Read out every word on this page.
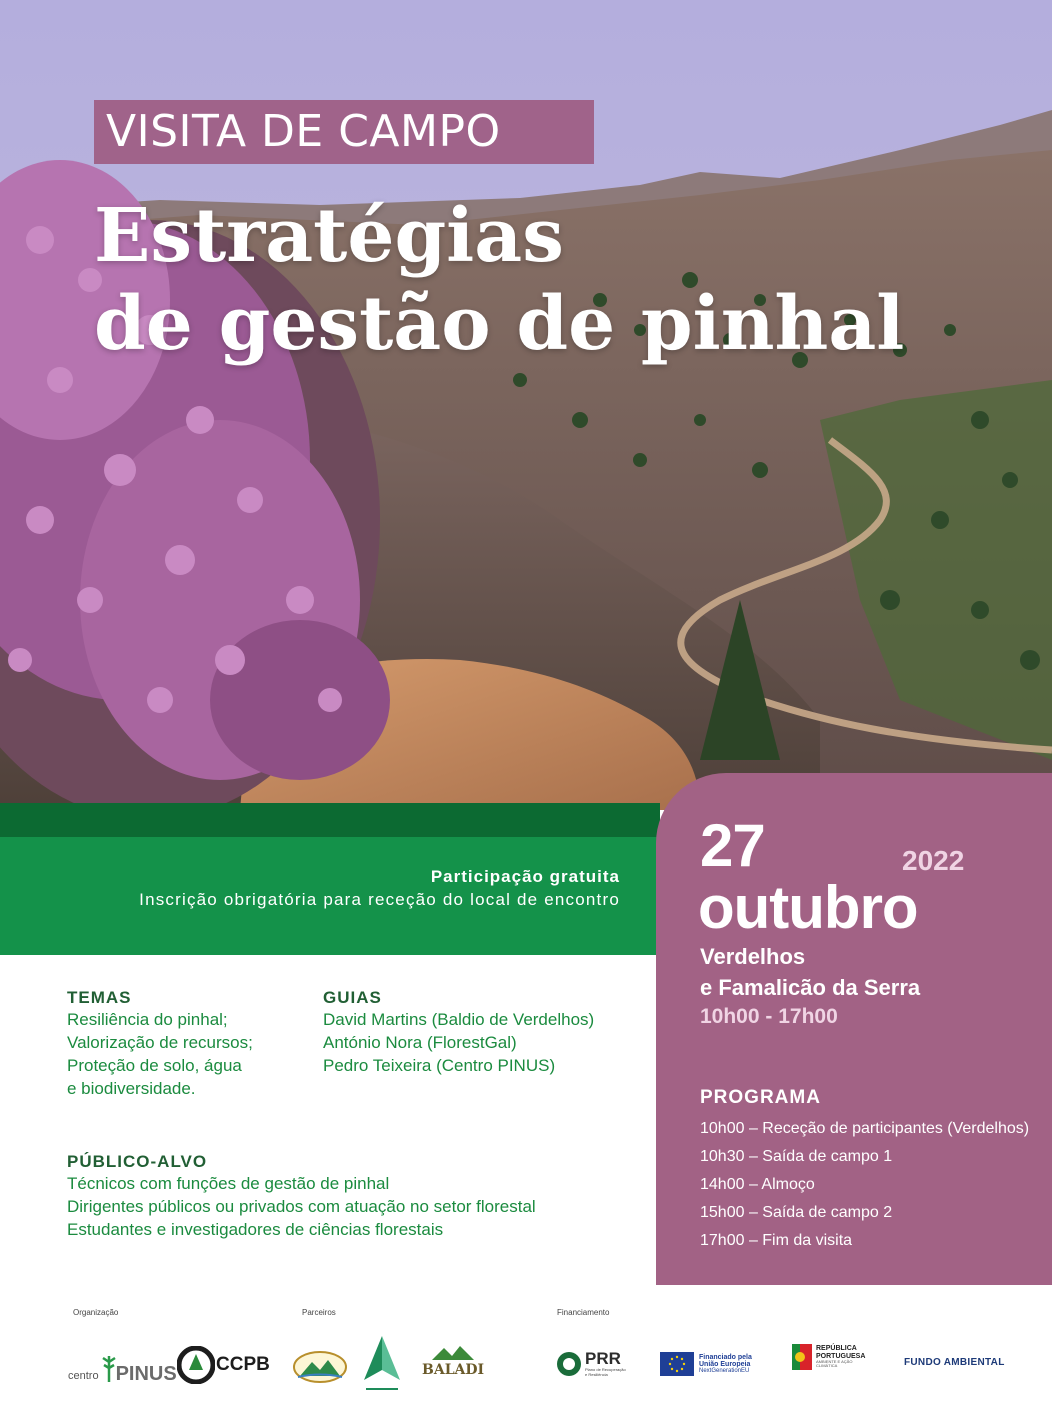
VISITA DE CAMPO
Estratégias
de gestão de pinhal
Participação gratuita
Inscrição obrigatória para receção do local de encontro
27	2022
outubro
Verdelhos
e Famalicão da Serra
10h00 - 17h00
PROGRAMA
10h00 – Receção de participantes (Verdelhos)
10h30 – Saída de campo 1
14h00 – Almoço
15h00 – Saída de campo 2
17h00 – Fim da visita
TEMAS
Resiliência do pinhal;
Valorização de recursos;
Proteção de solo, água
e biodiversidade.
GUIAS
David Martins (Baldio de Verdelhos)
António Nora (FlorestGal)
Pedro Teixeira (Centro PINUS)
PÚBLICO-ALVO
Técnicos com funções de gestão de pinhal
Dirigentes públicos ou privados com atuação no setor florestal
Estudantes e investigadores de ciências florestais
Organização	Parceiros	Financiamento
centro PINUS CCPB	BALADI
PRR
Plano de Recuperação e Resiliência
Financiado pela
União Europeia
NextGenerationEU
REPÚBLICA
PORTUGUESA
AMBIENTE E AÇÃO CLIMÁTICA	FUNDO AMBIENTAL
